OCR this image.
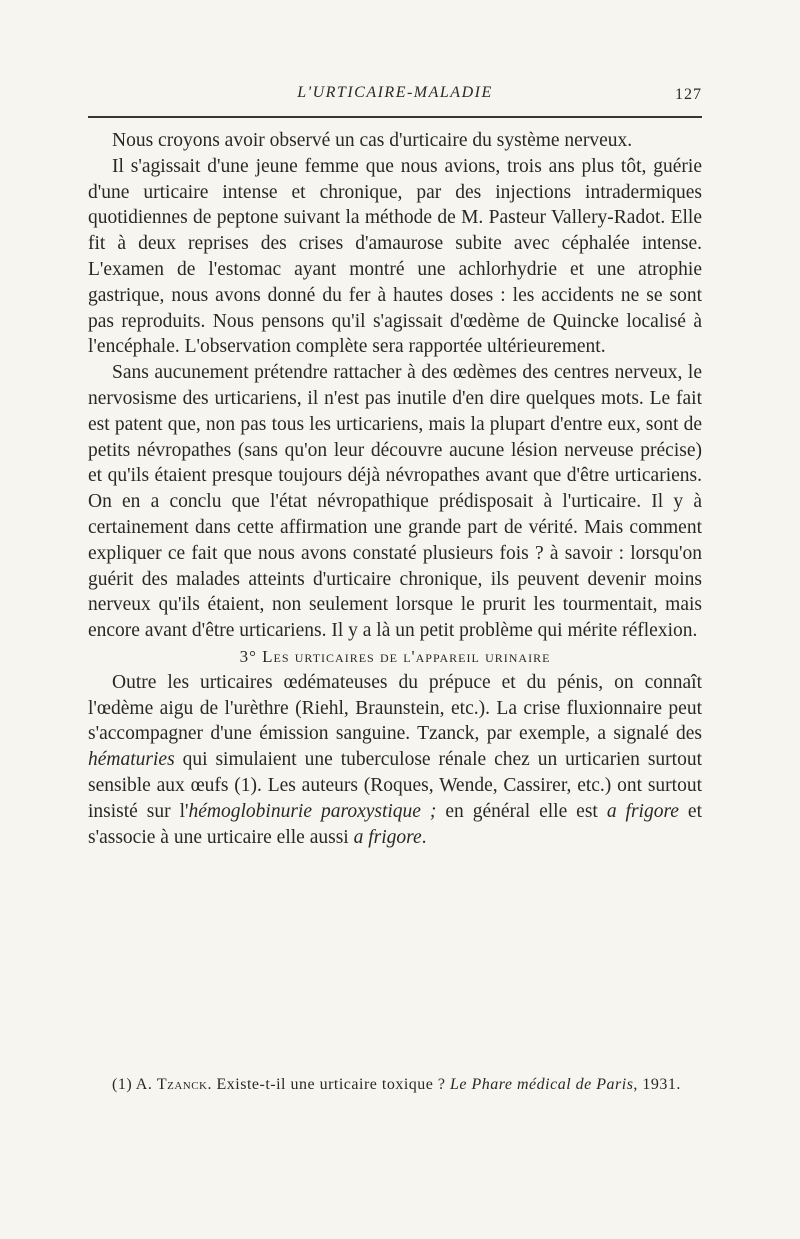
L'URTICAIRE-MALADIE	127

Nous croyons avoir observé un cas d'urticaire du système nerveux.

Il s'agissait d'une jeune femme que nous avions, trois ans plus tôt, guérie d'une urticaire intense et chronique, par des injections intradermiques quotidiennes de peptone suivant la méthode de M. Pasteur Vallery-Radot. Elle fit à deux reprises des crises d'amaurose subite avec céphalée intense. L'examen de l'estomac ayant montré une achlorhydrie et une atrophie gastrique, nous avons donné du fer à hautes doses : les accidents ne se sont pas reproduits. Nous pensons qu'il s'agissait d'œdème de Quincke localisé à l'encéphale. L'observation complète sera rapportée ultérieurement.

Sans aucunement prétendre rattacher à des œdèmes des centres nerveux, le nervosisme des urticariens, il n'est pas inutile d'en dire quelques mots. Le fait est patent que, non pas tous les urticariens, mais la plupart d'entre eux, sont de petits névropathes (sans qu'on leur découvre aucune lésion nerveuse précise) et qu'ils étaient presque toujours déjà névropathes avant que d'être urticariens. On en a conclu que l'état névropathique prédisposait à l'urticaire. Il y à certainement dans cette affirmation une grande part de vérité. Mais comment expliquer ce fait que nous avons constaté plusieurs fois ? à savoir : lorsqu'on guérit des malades atteints d'urticaire chronique, ils peuvent devenir moins nerveux qu'ils étaient, non seulement lorsque le prurit les tourmentait, mais encore avant d'être urticariens. Il y a là un petit problème qui mérite réflexion.

3° Les urticaires de l'appareil urinaire

Outre les urticaires œdémateuses du prépuce et du pénis, on connaît l'œdème aigu de l'urèthre (Riehl, Braunstein, etc.). La crise fluxionnaire peut s'accompagner d'une émission sanguine. Tzanck, par exemple, a signalé des hématuries qui simulaient une tuberculose rénale chez un urticarien surtout sensible aux œufs (1). Les auteurs (Roques, Wende, Cassirer, etc.) ont surtout insisté sur l'hémoglobinurie paroxystique ; en général elle est a frigore et s'associe à une urticaire elle aussi a frigore.

(1) A. Tzanck. Existe-t-il une urticaire toxique ? Le Phare médical de Paris, 1931.
